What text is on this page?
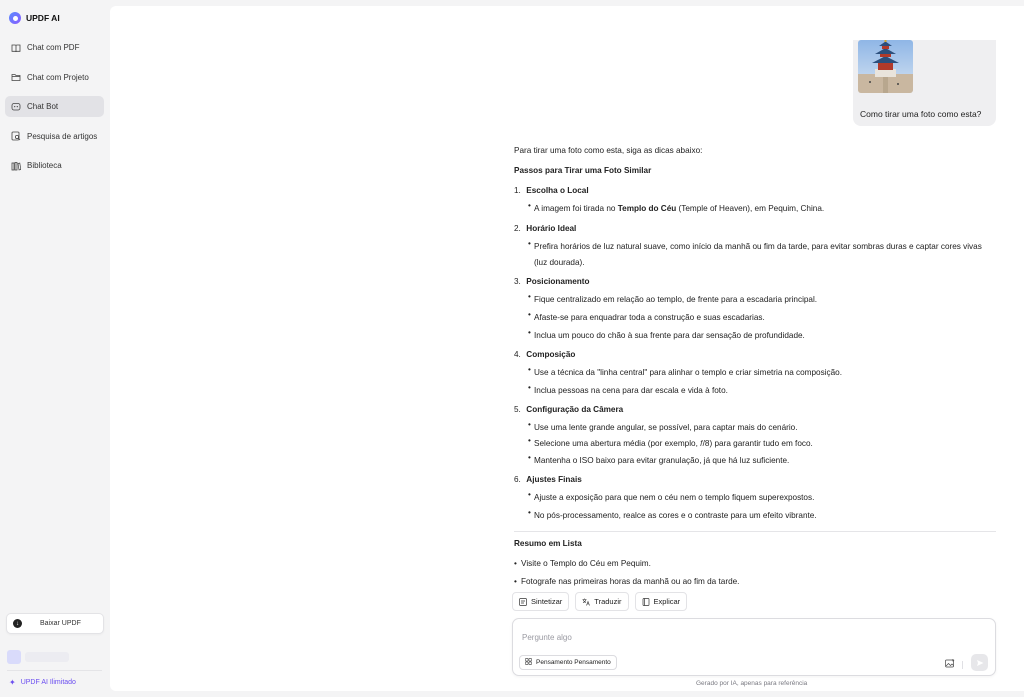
UPDF AI
Chat com PDF
Chat com Projeto
Chat Bot
Pesquisa de artigos
Biblioteca
↓	Baixar UPDF
✦ UPDF AI Ilimitado
Como tirar uma foto como esta?
Para tirar uma foto como esta, siga as dicas abaixo:
Passos para Tirar uma Foto Similar
1. Escolha o Local
• A imagem foi tirada no Templo do Céu (Temple of Heaven), em Pequim, China.
2. Horário Ideal
• Prefira horários de luz natural suave, como início da manhã ou fim da tarde, para evitar sombras duras e captar cores vivas (luz dourada).
3. Posicionamento
• Fique centralizado em relação ao templo, de frente para a escadaria principal.
• Afaste-se para enquadrar toda a construção e suas escadarias.
• Inclua um pouco do chão à sua frente para dar sensação de profundidade.
4. Composição
• Use a técnica da "linha central" para alinhar o templo e criar simetria na composição.
• Inclua pessoas na cena para dar escala e vida à foto.
5. Configuração da Câmera
• Use uma lente grande angular, se possível, para captar mais do cenário.
• Selecione uma abertura média (por exemplo, 𝑓/8) para garantir tudo em foco.
• Mantenha o ISO baixo para evitar granulação, já que há luz suficiente.
6. Ajustes Finais
• Ajuste a exposição para que nem o céu nem o templo fiquem superexpostos.
• No pós-processamento, realce as cores e o contraste para um efeito vibrante.
Resumo em Lista
• Visite o Templo do Céu em Pequim.
• Fotografe nas primeiras horas da manhã ou ao fim da tarde.
Sintetizar	Traduzir	Explicar
Pergunte algo
Pensamento Pensamento
Gerado por IA, apenas para referência
